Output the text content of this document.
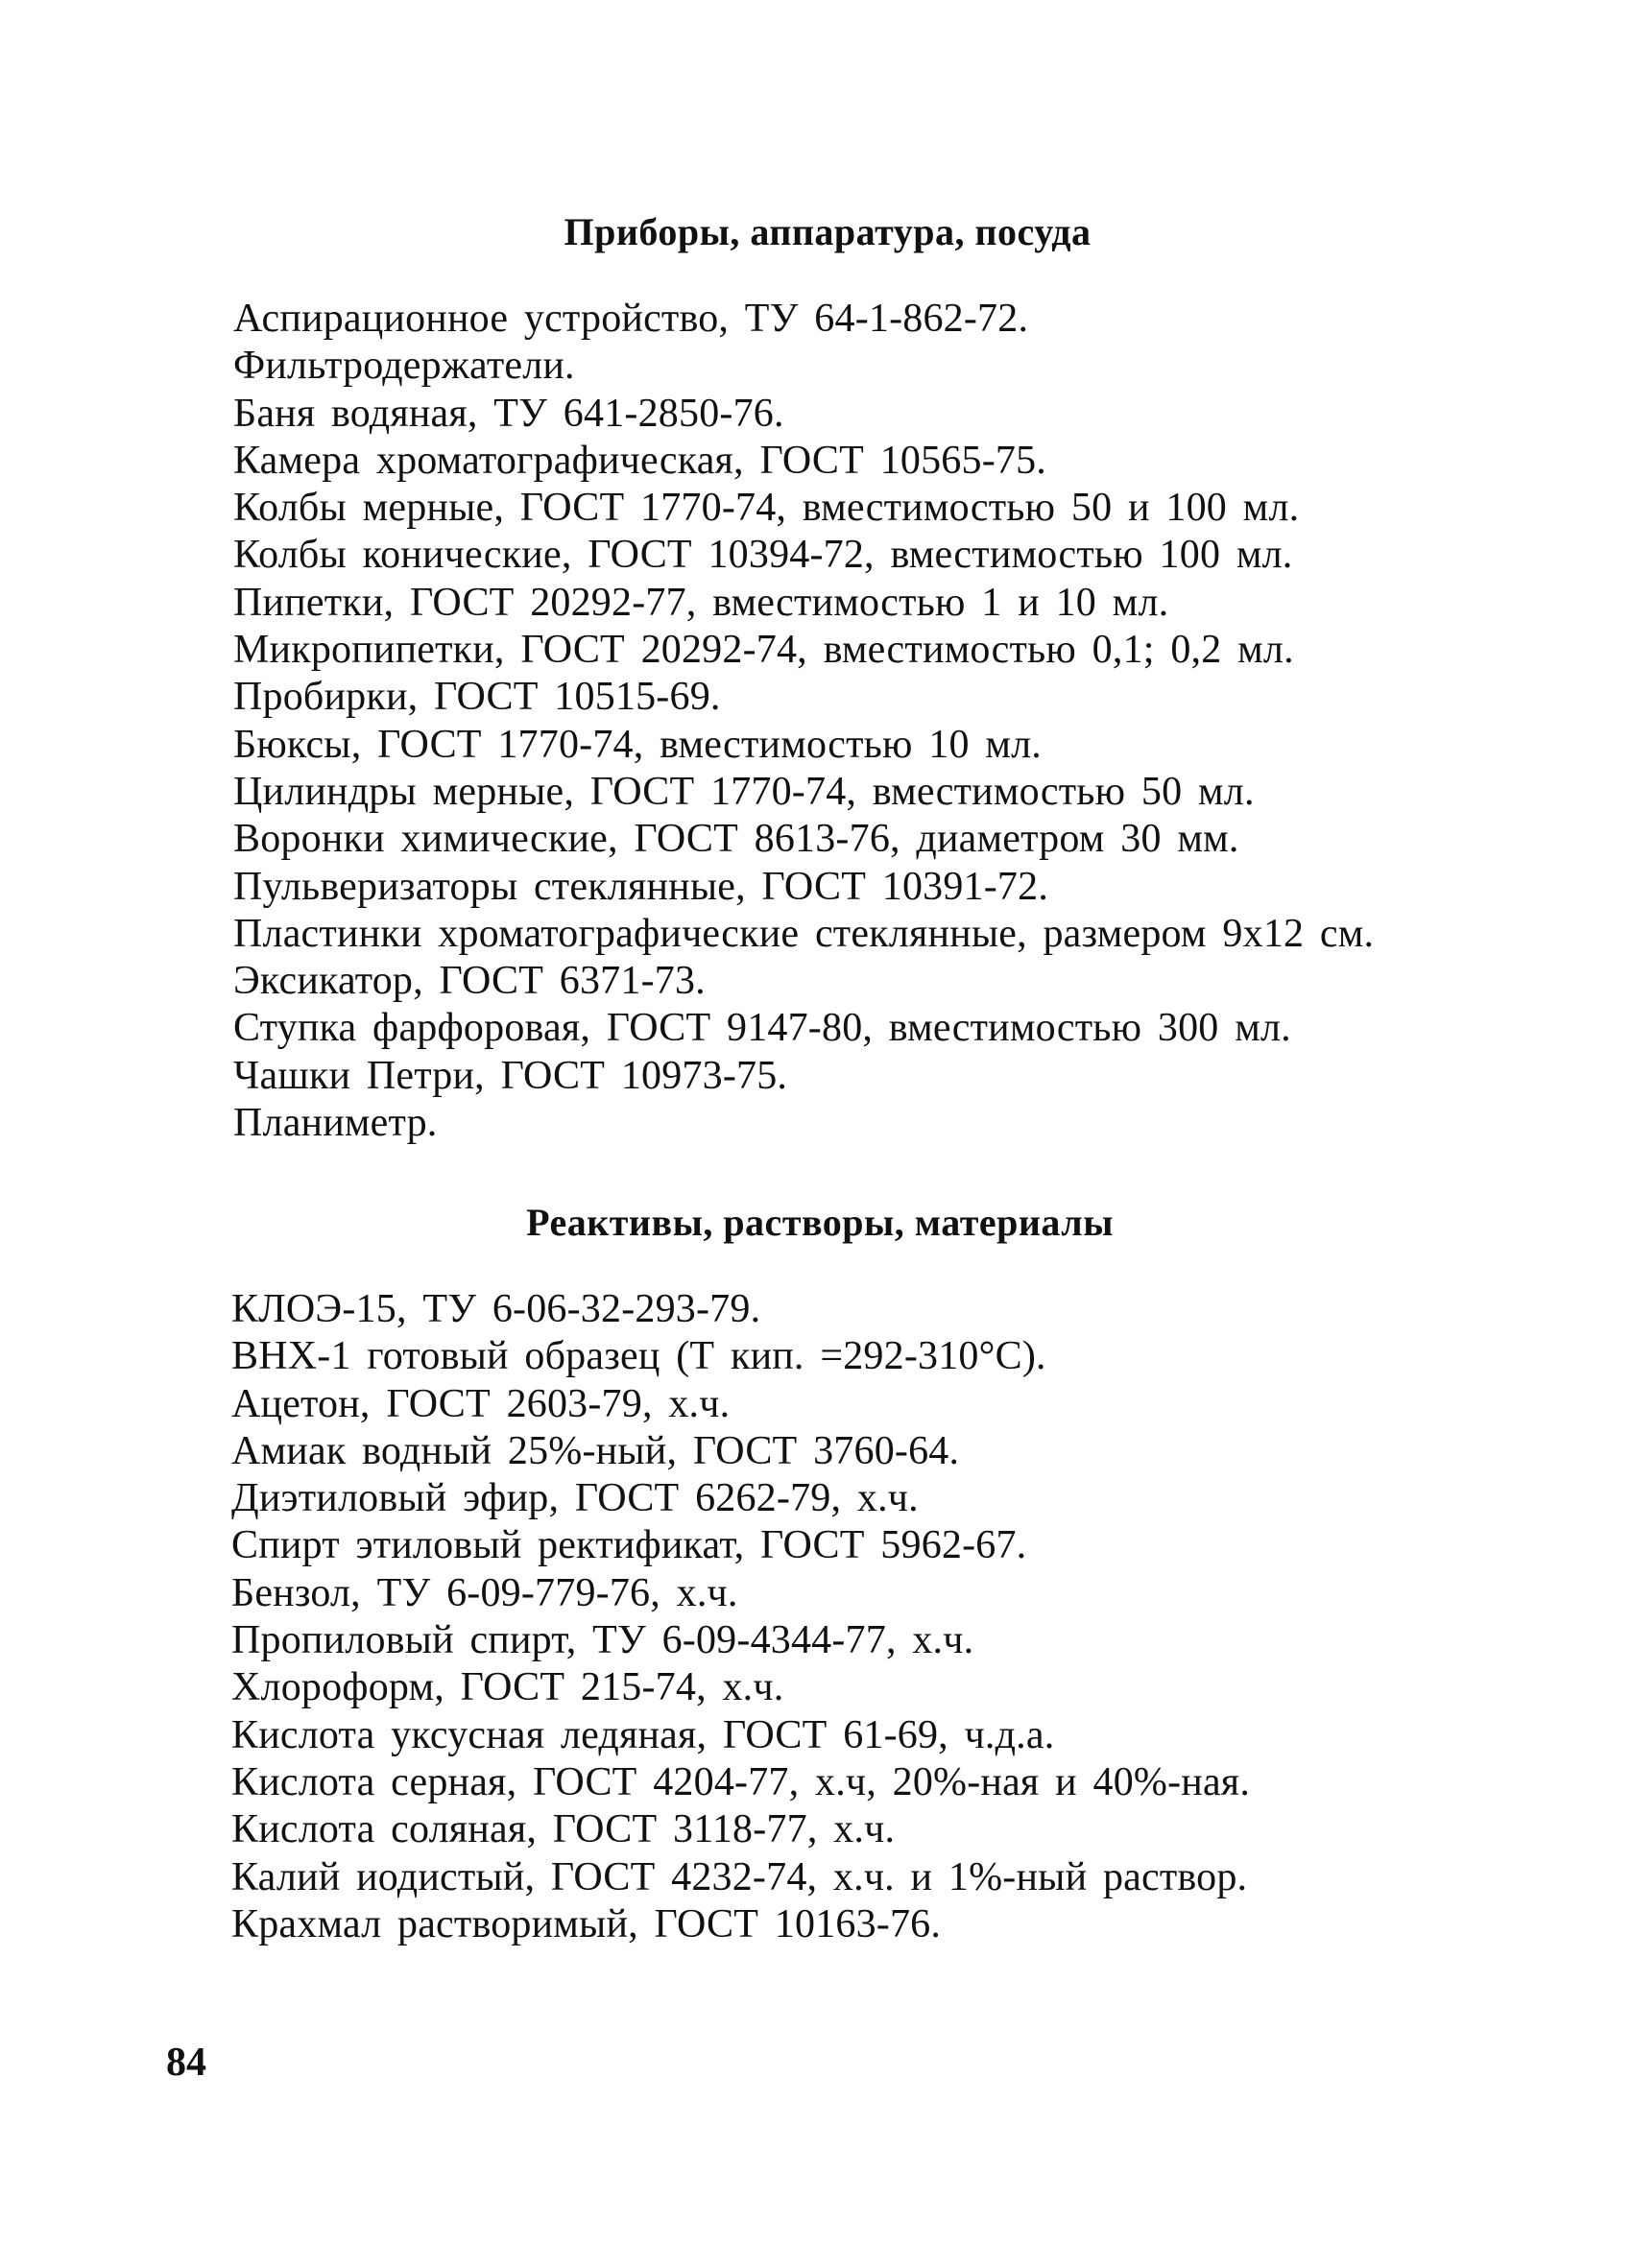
Приборы, аппаратура, посуда
Аспирационное устройство, ТУ 64-1-862-72.
Фильтродержатели.
Баня водяная, ТУ 641-2850-76.
Камера хроматографическая, ГОСТ 10565-75.
Колбы мерные, ГОСТ 1770-74, вместимостью 50 и 100 мл.
Колбы конические, ГОСТ 10394-72, вместимостью 100 мл.
Пипетки, ГОСТ 20292-77, вместимостью 1 и 10 мл.
Микропипетки, ГОСТ 20292-74, вместимостью 0,1; 0,2 мл.
Пробирки, ГОСТ 10515-69.
Бюксы, ГОСТ 1770-74, вместимостью 10 мл.
Цилиндры мерные, ГОСТ 1770-74, вместимостью 50 мл.
Воронки химические, ГОСТ 8613-76, диаметром 30 мм.
Пульверизаторы стеклянные, ГОСТ 10391-72.
Пластинки хроматографические стеклянные, размером 9x12 см.
Эксикатор, ГОСТ 6371-73.
Ступка фарфоровая, ГОСТ 9147-80, вместимостью 300 мл.
Чашки Петри, ГОСТ 10973-75.
Планиметр.
Реактивы, растворы, материалы
КЛОЭ-15, ТУ 6-06-32-293-79.
ВНХ-1 готовый образец (Т кип. =292-310°С).
Ацетон, ГОСТ 2603-79, х.ч.
Амиак водный 25%-ный, ГОСТ 3760-64.
Диэтиловый эфир, ГОСТ 6262-79, х.ч.
Спирт этиловый ректификат, ГОСТ 5962-67.
Бензол, ТУ 6-09-779-76, х.ч.
Пропиловый спирт, ТУ 6-09-4344-77, х.ч.
Хлороформ, ГОСТ 215-74, х.ч.
Кислота уксусная ледяная, ГОСТ 61-69, ч.д.а.
Кислота серная, ГОСТ 4204-77, х.ч, 20%-ная и 40%-ная.
Кислота соляная, ГОСТ 3118-77, х.ч.
Калий иодистый, ГОСТ 4232-74, х.ч. и 1%-ный раствор.
Крахмал растворимый, ГОСТ 10163-76.
84
